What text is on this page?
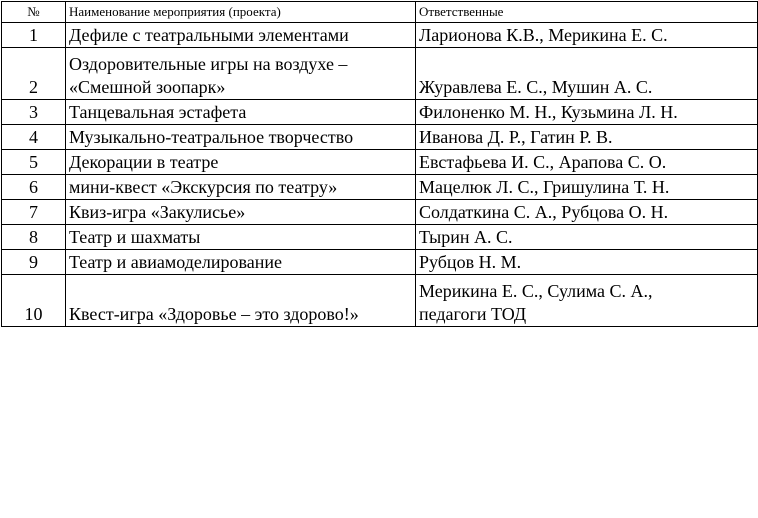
№	Наименование мероприятия (проекта)	Ответственные
1	Дефиле с театральными элементами	Ларионова К.В., Мерикина Е. С.

2	Оздоровительные игры на воздухе –
«Смешной зоопарк»	Журавлева Е. С., Мушин А. С.

3	Танцевальная эстафета	Филоненко М. Н., Кузьмина Л. Н.

4	Музыкально-театральное творчество	Иванова Д. Р., Гатин Р. В.

5	Декорации в театре	Евстафьева И. С., Арапова С. О.

6	мини-квест «Экскурсия по театру»	Мацелюк Л. С., Гришулина Т. Н.

7	Квиз-игра «Закулисье»	Солдаткина С. А., Рубцова О. Н.

8	Театр и шахматы	Тырин А. С.

9	Театр и авиамоделирование	Рубцов Н. М.

10	Квест-игра «Здоровье – это здорово!»	Мерикина Е. С., Сулима С. А.,
педагоги ТОД
